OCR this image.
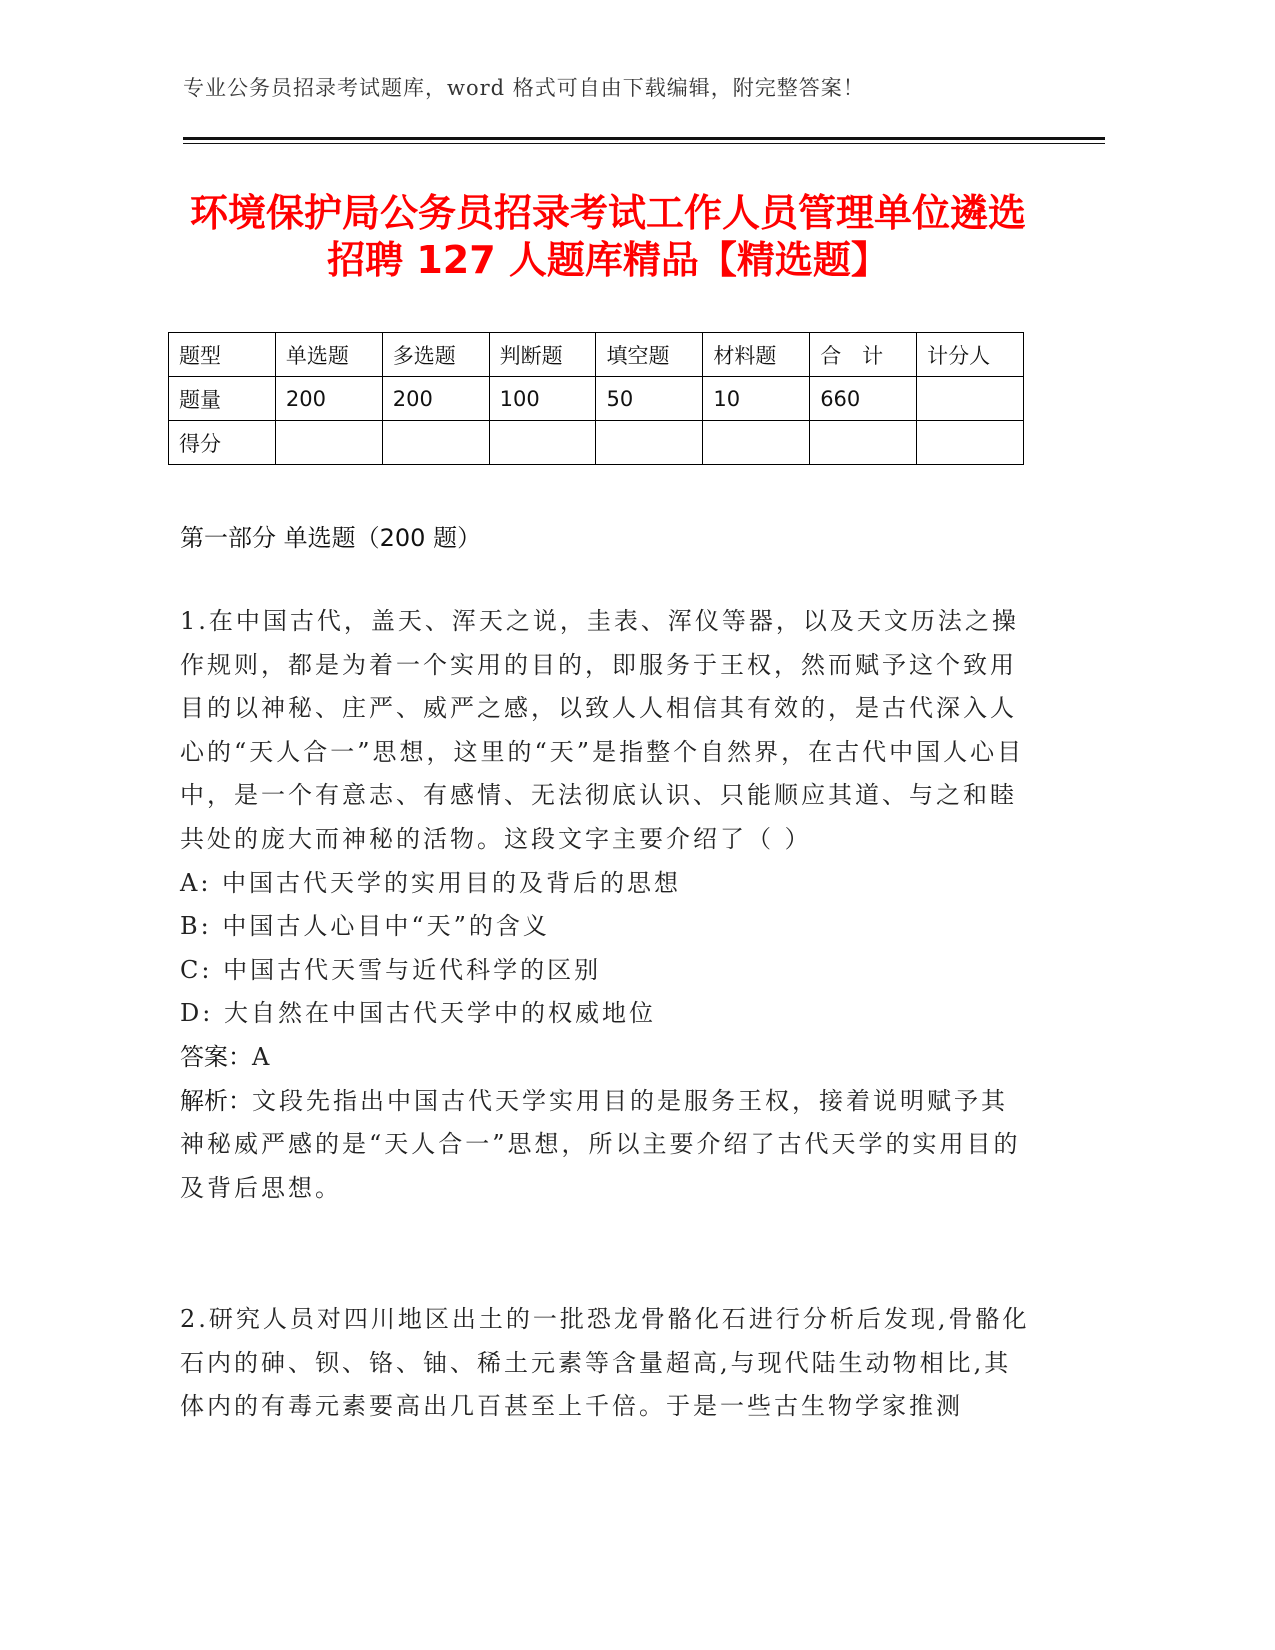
专业公务员招录考试题库，word 格式可自由下载编辑，附完整答案！
环境保护局公务员招录考试工作人员管理单位遴选招聘 127 人题库精品【精选题】
题型	单选题	多选题	判断题	填空题	材料题	合　计	计分人
题量	200	200	100	50	10	660	
得分							
第一部分 单选题（200 题）

1.在中国古代，盖天、浑天之说，圭表、浑仪等器，以及天文历法之操作规则，都是为着一个实用的目的，即服务于王权，然而赋予这个致用目的以神秘、庄严、威严之感，以致人人相信其有效的，是古代深入人心的“天人合一”思想，这里的“天”是指整个自然界，在古代中国人心目中，是一个有意志、有感情、无法彻底认识、只能顺应其道、与之和睦共处的庞大而神秘的活物。这段文字主要介绍了（ ）

A: 中国古代天学的实用目的及背后的思想

B: 中国古人心目中“天”的含义

C: 中国古代天雪与近代科学的区别

D: 大自然在中国古代天学中的权威地位

答案：A

解析：文段先指出中国古代天学实用目的是服务王权，接着说明赋予其神秘威严感的是“天人合一”思想，所以主要介绍了古代天学的实用目的及背后思想。

2.研究人员对四川地区出土的一批恐龙骨骼化石进行分析后发现,骨骼化石内的砷、钡、铬、铀、稀土元素等含量超高,与现代陆生动物相比,其体内的有毒元素要高出几百甚至上千倍。于是一些古生物学家推测
